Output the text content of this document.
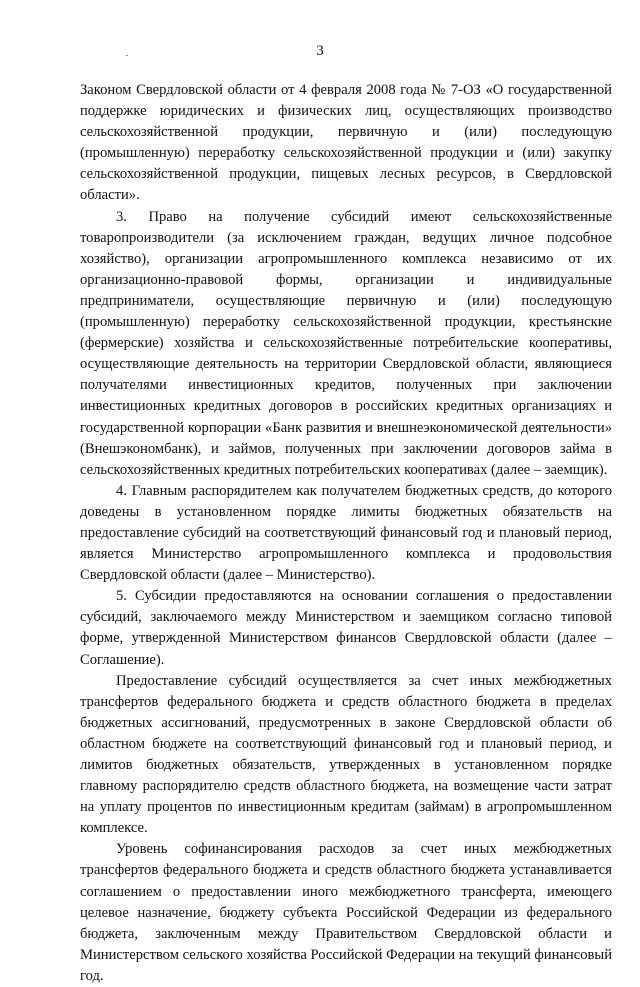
3

Законом Свердловской области от 4 февраля 2008 года № 7-ОЗ «О государственной поддержке юридических и физических лиц, осуществляющих производство сельскохозяйственной продукции, первичную и (или) последующую (промышленную) переработку сельскохозяйственной продукции и (или) закупку сельскохозяйственной продукции, пищевых лесных ресурсов, в Свердловской области».

3. Право на получение субсидий имеют сельскохозяйственные товаропроизводители (за исключением граждан, ведущих личное подсобное хозяйство), организации агропромышленного комплекса независимо от их организационно-правовой формы, организации и индивидуальные предприниматели, осуществляющие первичную и (или) последующую (промышленную) переработку сельскохозяйственной продукции, крестьянские (фермерские) хозяйства и сельскохозяйственные потребительские кооперативы, осуществляющие деятельность на территории Свердловской области, являющиеся получателями инвестиционных кредитов, полученных при заключении инвестиционных кредитных договоров в российских кредитных организациях и государственной корпорации «Банк развития и внешнеэкономической деятельности» (Внешэкономбанк), и займов, полученных при заключении договоров займа в сельскохозяйственных кредитных потребительских кооперативах (далее – заемщик).

4. Главным распорядителем как получателем бюджетных средств, до которого доведены в установленном порядке лимиты бюджетных обязательств на предоставление субсидий на соответствующий финансовый год и плановый период, является Министерство агропромышленного комплекса и продовольствия Свердловской области (далее – Министерство).

5. Субсидии предоставляются на основании соглашения о предоставлении субсидий, заключаемого между Министерством и заемщиком согласно типовой форме, утвержденной Министерством финансов Свердловской области (далее – Соглашение).

Предоставление субсидий осуществляется за счет иных межбюджетных трансфертов федерального бюджета и средств областного бюджета в пределах бюджетных ассигнований, предусмотренных в законе Свердловской области об областном бюджете на соответствующий финансовый год и плановый период, и лимитов бюджетных обязательств, утвержденных в установленном порядке главному распорядителю средств областного бюджета, на возмещение части затрат на уплату процентов по инвестиционным кредитам (займам) в агропромышленном комплексе.

Уровень софинансирования расходов за счет иных межбюджетных трансфертов федерального бюджета и средств областного бюджета устанавливается соглашением о предоставлении иного межбюджетного трансферта, имеющего целевое назначение, бюджету субъекта Российской Федерации из федерального бюджета, заключенным между Правительством Свердловской области и Министерством сельского хозяйства Российской Федерации на текущий финансовый год.
